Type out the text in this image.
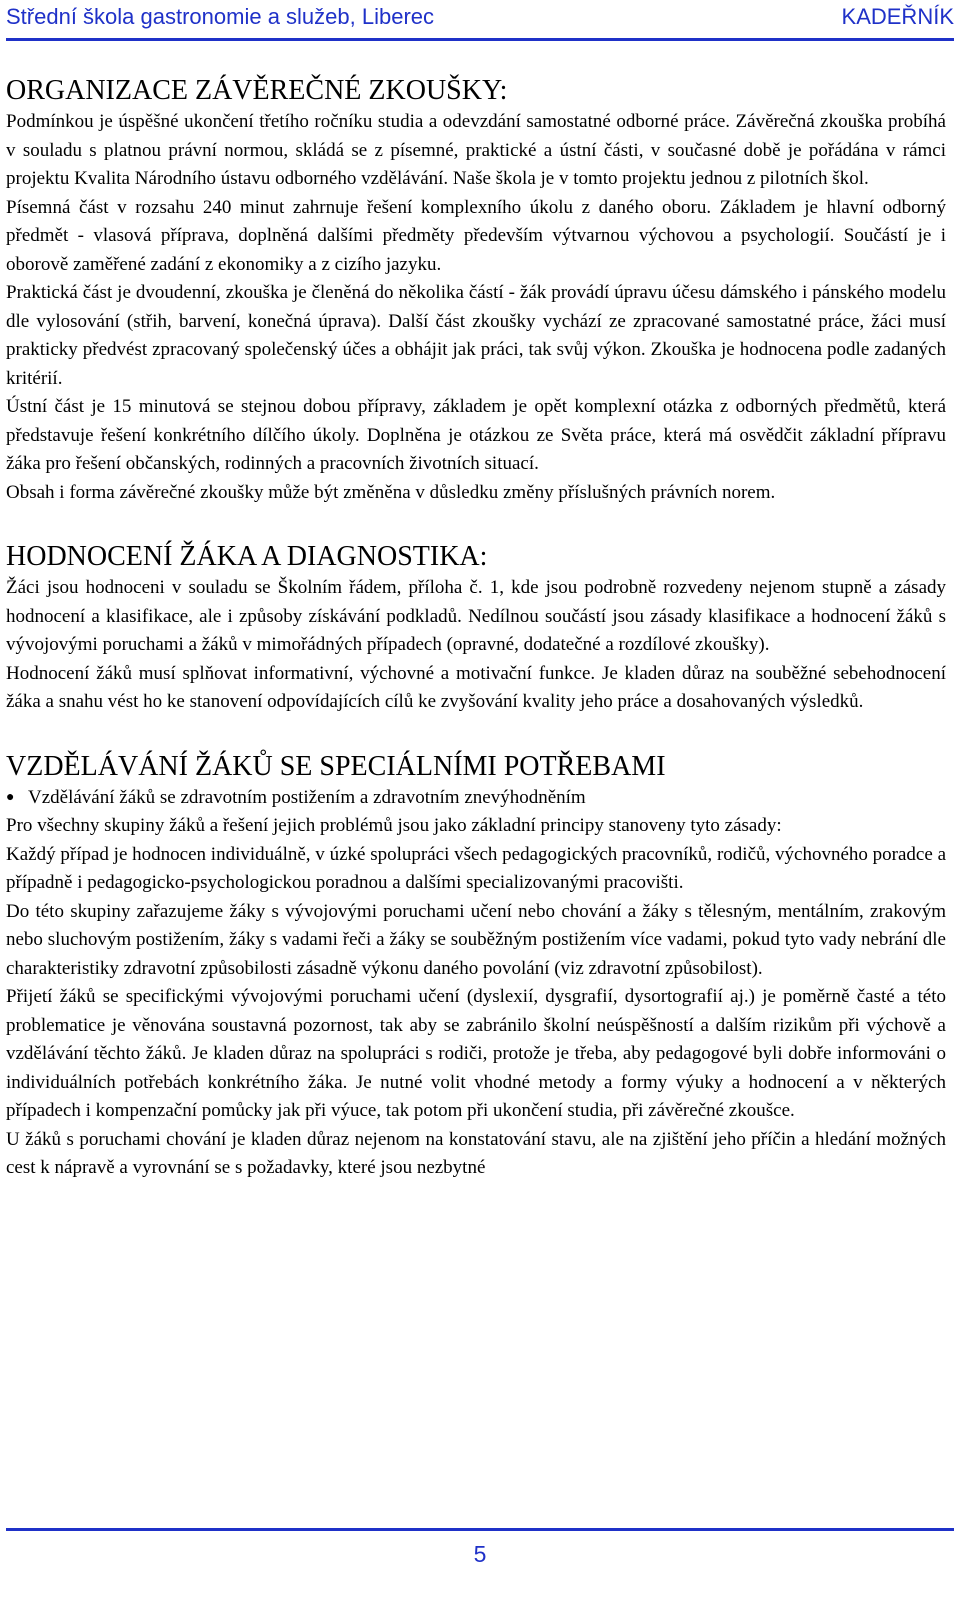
Střední škola gastronomie a služeb, Liberec	KADEŘNÍK
ORGANIZACE ZÁVĚREČNÉ ZKOUŠKY:

Podmínkou je úspěšné ukončení třetího ročníku studia a odevzdání samostatné odborné práce. Závěrečná zkouška probíhá v souladu s platnou právní normou, skládá se z písemné, praktické a ústní části, v současné době je pořádána v rámci projektu Kvalita Národního ústavu odborného vzdělávání. Naše škola je v tomto projektu jednou z pilotních škol.

Písemná část v rozsahu 240 minut zahrnuje řešení komplexního úkolu z daného oboru. Základem je hlavní odborný předmět - vlasová příprava, doplněná dalšími předměty především výtvarnou výchovou a psychologií. Součástí je i oborově zaměřené zadání z ekonomiky a z cizího jazyku.

Praktická část je dvoudenní, zkouška je členěná do několika částí - žák provádí úpravu účesu dámského i pánského modelu dle vylosování (střih, barvení, konečná úprava). Další část zkoušky vychází ze zpracované samostatné práce, žáci musí prakticky předvést zpracovaný společenský účes a obhájit jak práci, tak svůj výkon. Zkouška je hodnocena podle zadaných kritérií.

Ústní část je 15 minutová se stejnou dobou přípravy, základem je opět komplexní otázka z odborných předmětů, která představuje řešení konkrétního dílčího úkoly. Doplněna je otázkou ze Světa práce, která má osvědčit základní přípravu žáka pro řešení občanských, rodinných a pracovních životních situací.

Obsah i forma závěrečné zkoušky může být změněna v důsledku změny příslušných právních norem.

HODNOCENÍ ŽÁKA A DIAGNOSTIKA:

Žáci jsou hodnoceni v souladu se Školním řádem, příloha č. 1, kde jsou podrobně rozvedeny nejenom stupně a zásady hodnocení a klasifikace, ale i způsoby získávání podkladů. Nedílnou součástí jsou zásady klasifikace a hodnocení žáků s vývojovými poruchami a žáků v mimořádných případech (opravné, dodatečné a rozdílové zkoušky).

Hodnocení žáků musí splňovat informativní, výchovné a motivační funkce. Je kladen důraz na souběžné sebehodnocení žáka a snahu vést ho ke stanovení odpovídajících cílů ke zvyšování kvality jeho práce a dosahovaných výsledků.

VZDĚLÁVÁNÍ ŽÁKŮ SE SPECIÁLNÍMI POTŘEBAMI
● Vzdělávání žáků se zdravotním postižením a zdravotním znevýhodněním

Pro všechny skupiny žáků a řešení jejich problémů jsou jako základní principy stanoveny tyto zásady:

Každý případ je hodnocen individuálně, v úzké spolupráci všech pedagogických pracovníků, rodičů, výchovného poradce a případně i pedagogicko-psychologickou poradnou a dalšími specializovanými pracovišti.

Do této skupiny zařazujeme žáky s vývojovými poruchami učení nebo chování a žáky s tělesným, mentálním, zrakovým nebo sluchovým postižením, žáky s vadami řeči a žáky se souběžným postižením více vadami, pokud tyto vady nebrání dle charakteristiky zdravotní způsobilosti zásadně výkonu daného povolání (viz zdravotní způsobilost).

Přijetí žáků se specifickými vývojovými poruchami učení (dyslexií, dysgrafií, dysortografií aj.) je poměrně časté a této problematice je věnována soustavná pozornost, tak aby se zabránilo školní neúspěšností a dalším rizikům při výchově a vzdělávání těchto žáků. Je kladen důraz na spolupráci s rodiči, protože je třeba, aby pedagogové byli dobře informováni o individuálních potřebách konkrétního žáka. Je nutné volit vhodné metody a formy výuky a hodnocení a v některých případech i kompenzační pomůcky jak při výuce, tak potom při ukončení studia, při závěrečné zkoušce.

U žáků s poruchami chování je kladen důraz nejenom na konstatování stavu, ale na zjištění jeho příčin a hledání možných cest k nápravě a vyrovnání se s požadavky, které jsou nezbytné

5
